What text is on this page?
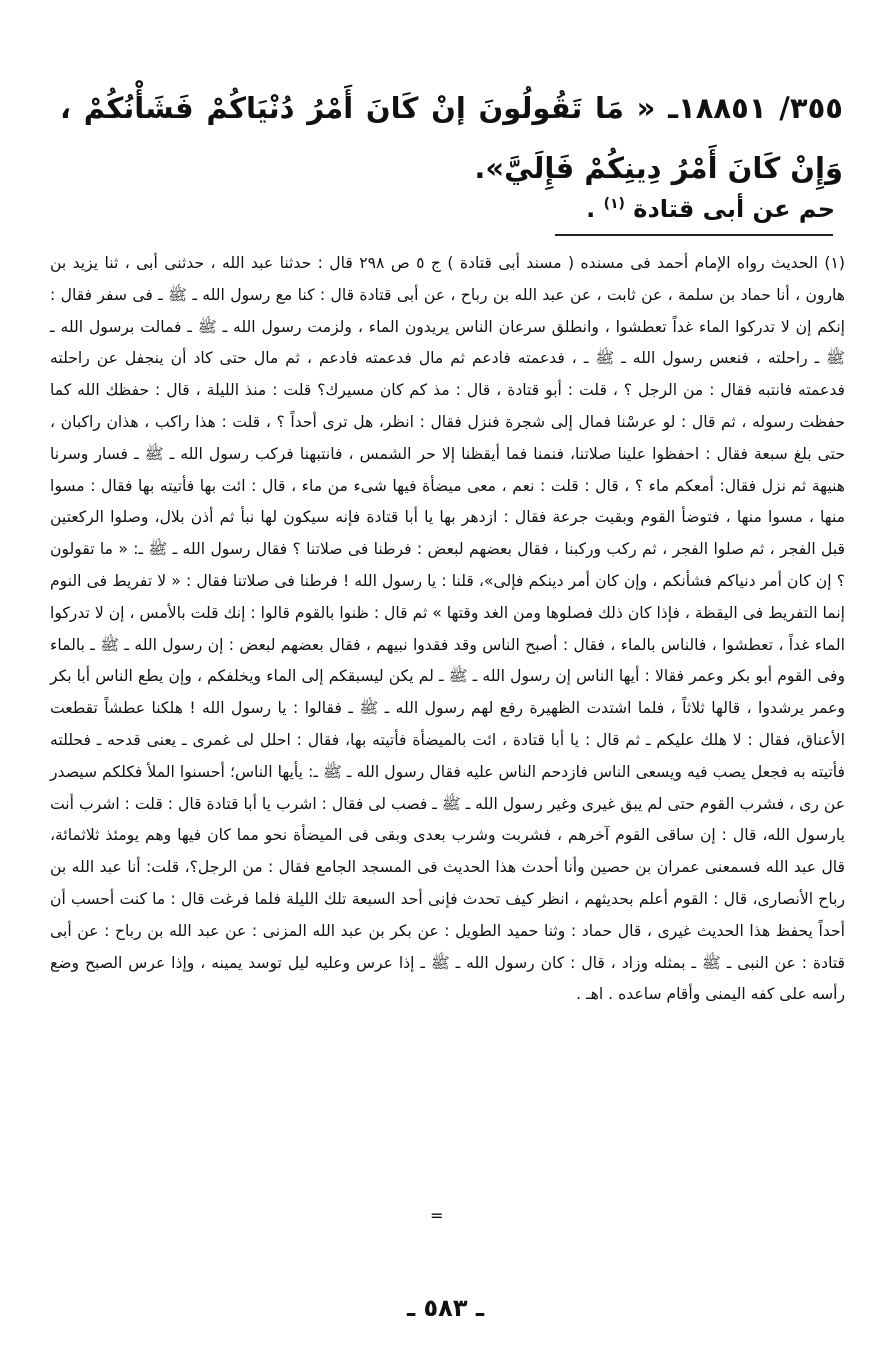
٣٥٥/ ١٨٨٥١ـ « مَا تَقُولُونَ إنْ كَانَ أَمْرُ دُنْيَاكُمْ فَشَأْنُكُمْ ، وَإِنْ كَانَ أَمْرُ دِينِكُمْ فَإِلَيَّ».
حم عن أبى قتادة $^{(١)}$ .
(١) الحديث رواه الإمام أحمد فى مسنده ( مسند أبى قتادة ) ج ٥ ص ٢٩٨ قال : حدثنا عبد الله ، حدثنى أبى ، ثنا يزيد بن هارون ، أنا حماد بن سلمة ، عن ثابت ، عن عبد الله بن رباح ، عن أبى قتادة قال : كنا مع رسول الله ـ ﷺ ـ فى سفر فقال : إنكم إن لا تدركوا الماء غداً تعطشوا ، وانطلق سرعان الناس يريدون الماء ، ولزمت رسول الله ـ ﷺ ـ فمالت برسول الله ـ ﷺ ـ راحلته ، فنعس رسول الله ـ ﷺ ـ ، فدعمته فادعم ثم مال فدعمته فادعم ، ثم مال حتى كاد أن ينجفل عن راحلته فدعمته فانتبه فقال : من الرجل ؟ ، قلت : أبو قتادة ، قال : مذ كم كان مسيرك؟ قلت : منذ الليلة ، قال : حفظك الله كما حفظت رسوله ، ثم قال : لو عرسْنا فمال إلى شجرة فنزل فقال : انظر، هل ترى أحداً ؟ ، قلت : هذا راكب ، هذان راكبان ، حتى بلغ سبعة فقال : احفظوا علينا صلاتنا، فنمنا فما أيقظنا إلا حر الشمس ، فانتبهنا فركب رسول الله ـ ﷺ ـ فسار وسرنا هنيهة ثم نزل فقال: أمعكم ماء ؟ ، قال : قلت : نعم ، معى ميضأة فيها شىء من ماء ، قال : ائت بها فأتيته بها فقال : مسوا منها ، مسوا منها ، فتوضأ القوم وبقيت جرعة فقال : ازدهر بها يا أبا قتادة فإنه سيكون لها نبأ ثم أذن بلال، وصلوا الركعتين قبل الفجر ، ثم صلوا الفجر ، ثم ركب وركبنا ، فقال بعضهم لبعض : فرطنا فى صلاتنا ؟ فقال رسول الله ـ ﷺ ـ: « ما تقولون ؟ إن كان أمر دنياكم فشأنكم ، وإن كان أمر دينكم فإلى»، قلنا : يا رسول الله ! فرطنا فى صلاتنا فقال : « لا تفريط فى النوم إنما التفريط فى اليقظة ، فإذا كان ذلك فصلوها ومن الغد وقتها » ثم قال : ظنوا بالقوم قالوا : إنك قلت بالأمس ، إن لا تدركوا الماء غداً ، تعطشوا ، فالناس بالماء ، فقال : أصبح الناس وقد فقدوا نبيهم ، فقال بعضهم لبعض : إن رسول الله ـ ﷺ ـ بالماء وفى القوم أبو بكر وعمر فقالا : أيها الناس إن رسول الله ـ ﷺ ـ لم يكن ليسبقكم إلى الماء ويخلفكم ، وإن يطع الناس أبا بكر وعمر يرشدوا ، قالها ثلاثاً ، فلما اشتدت الظهيرة رفع لهم رسول الله ـ ﷺ ـ فقالوا : يا رسول الله ! هلكنا عطشاً تقطعت الأعناق، فقال : لا هلك عليكم ـ ثم قال : يا أبا قتادة ، ائت بالميضأة فأتيته بها، فقال : احلل لى غمرى ـ يعنى قدحه ـ فحللته فأتيته به فجعل يصب فيه ويسعى الناس فازدحم الناس عليه فقال رسول الله ـ ﷺ ـ: يأيها الناس؛ أحسنوا الملأ فكلكم سيصدر عن رى ، فشرب القوم حتى لم يبق غيرى وغير رسول الله ـ ﷺ ـ فصب لى فقال : اشرب يا أبا قتادة قال : قلت : اشرب أنت يارسول الله، قال : إن ساقى القوم آخرهم ، فشربت وشرب بعدى وبقى فى الميضأة نحو مما كان فيها وهم يومئذ ثلاثمائة، قال عبد الله فسمعنى عمران بن حصين وأنا أحدث هذا الحديث فى المسجد الجامع فقال : من الرجل؟، قلت: أنا عبد الله بن رباح الأنصارى، قال : القوم أعلم بحديثهم ، انظر كيف تحدث فإنى أحد السبعة تلك الليلة فلما فرغت قال : ما كنت أحسب أن أحداً يحفظ هذا الحديث غيرى ، قال حماد : وثنا حميد الطويل : عن بكر بن عبد الله المزنى : عن عبد الله بن رباح : عن أبى قتادة : عن النبى ـ ﷺ ـ بمثله وزاد ، قال : كان رسول الله ـ ﷺ ـ إذا عرس وعليه ليل توسد يمينه ، وإذا عرس الصبح وضع رأسه على كفه اليمنى وأقام ساعده . اهـ .
=
ـ ٥٨٣ ـ
